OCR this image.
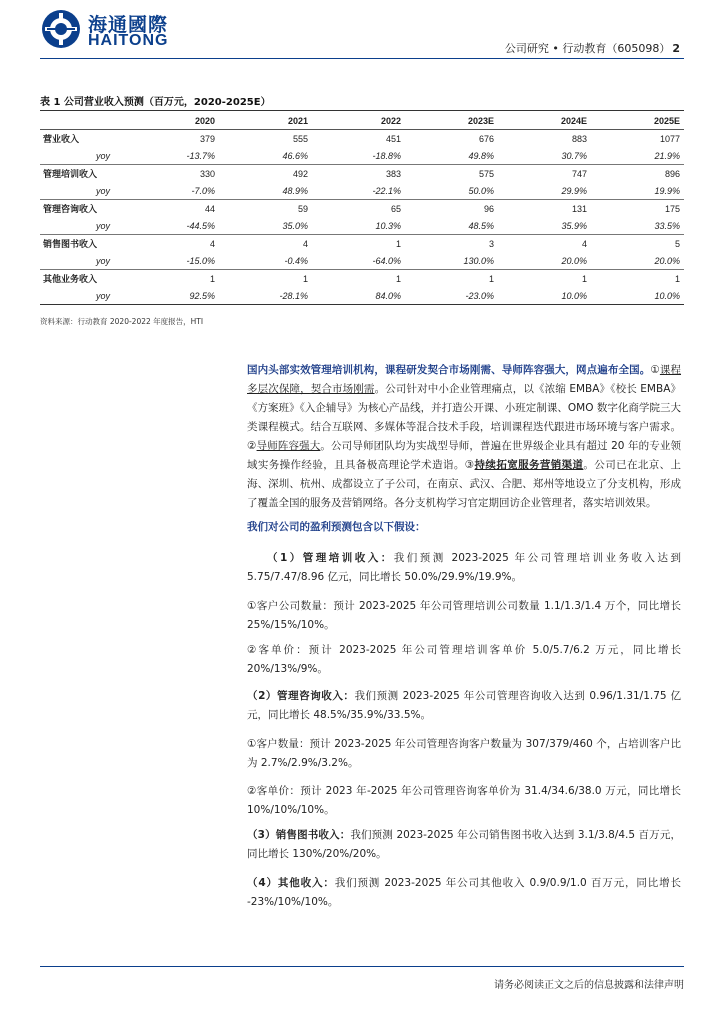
海通國際
HAITONG	公司研究 • 行动教育（605098） 2
表 1 公司营业收入预测（百万元，2020-2025E）
	2020	2021	2022	2023E	2024E	2025E
营业收入	379	555	451	676	883	1077
yoy	-13.7%	46.6%	-18.8%	49.8%	30.7%	21.9%
管理培训收入	330	492	383	575	747	896
yoy	-7.0%	48.9%	-22.1%	50.0%	29.9%	19.9%
管理咨询收入	44	59	65	96	131	175
yoy	-44.5%	35.0%	10.3%	48.5%	35.9%	33.5%
销售图书收入	4	4	1	3	4	5
yoy	-15.0%	-0.4%	-64.0%	130.0%	20.0%	20.0%
其他业务收入	1	1	1	1	1	1
yoy	92.5%	-28.1%	84.0%	-23.0%	10.0%	10.0%
资料来源：行动教育 2020-2022 年度报告，HTI
国内头部实效管理培训机构，课程研发契合市场刚需、导师阵容强大，网点遍布全国。①课程多层次保障，契合市场刚需。公司针对中小企业管理痛点，以《浓缩 EMBA》《校长 EMBA》《方案班》《入企辅导》为核心产品线，并打造公开课、小班定制课、OMO 数字化商学院三大类课程模式。结合互联网、多媒体等混合技术手段，培训课程迭代跟进市场环境与客户需求。②导师阵容强大。公司导师团队均为实战型导师，普遍在世界级企业具有超过 20 年的专业领域实务操作经验，且具备极高理论学术造诣。③持续拓宽服务营销渠道。公司已在北京、上海、深圳、杭州、成都设立了子公司，在南京、武汉、合肥、郑州等地设立了分支机构，形成了覆盖全国的服务及营销网络。各分支机构学习官定期回访企业管理者，落实培训效果。
我们对公司的盈利预测包含以下假设：
（1）管理培训收入：我们预测 2023-2025 年公司管理培训业务收入达到 5.75/7.47/8.96 亿元，同比增长 50.0%/29.9%/19.9%。
①客户公司数量：预计 2023-2025 年公司管理培训公司数量 1.1/1.3/1.4 万个，同比增长 25%/15%/10%。
②客单价：预计 2023-2025 年公司管理培训客单价 5.0/5.7/6.2 万元，同比增长 20%/13%/9%。
（2）管理咨询收入：我们预测 2023-2025 年公司管理咨询收入达到 0.96/1.31/1.75 亿元，同比增长 48.5%/35.9%/33.5%。
①客户数量：预计 2023-2025 年公司管理咨询客户数量为 307/379/460 个，占培训客户比为 2.7%/2.9%/3.2%。
②客单价：预计 2023 年-2025 年公司管理咨询客单价为 31.4/34.6/38.0 万元，同比增长 10%/10%/10%。
（3）销售图书收入：我们预测 2023-2025 年公司销售图书收入达到 3.1/3.8/4.5 百万元，同比增长 130%/20%/20%。
（4）其他收入：我们预测 2023-2025 年公司其他收入 0.9/0.9/1.0 百万元，同比增长 -23%/10%/10%。
请务必阅读正文之后的信息披露和法律声明
